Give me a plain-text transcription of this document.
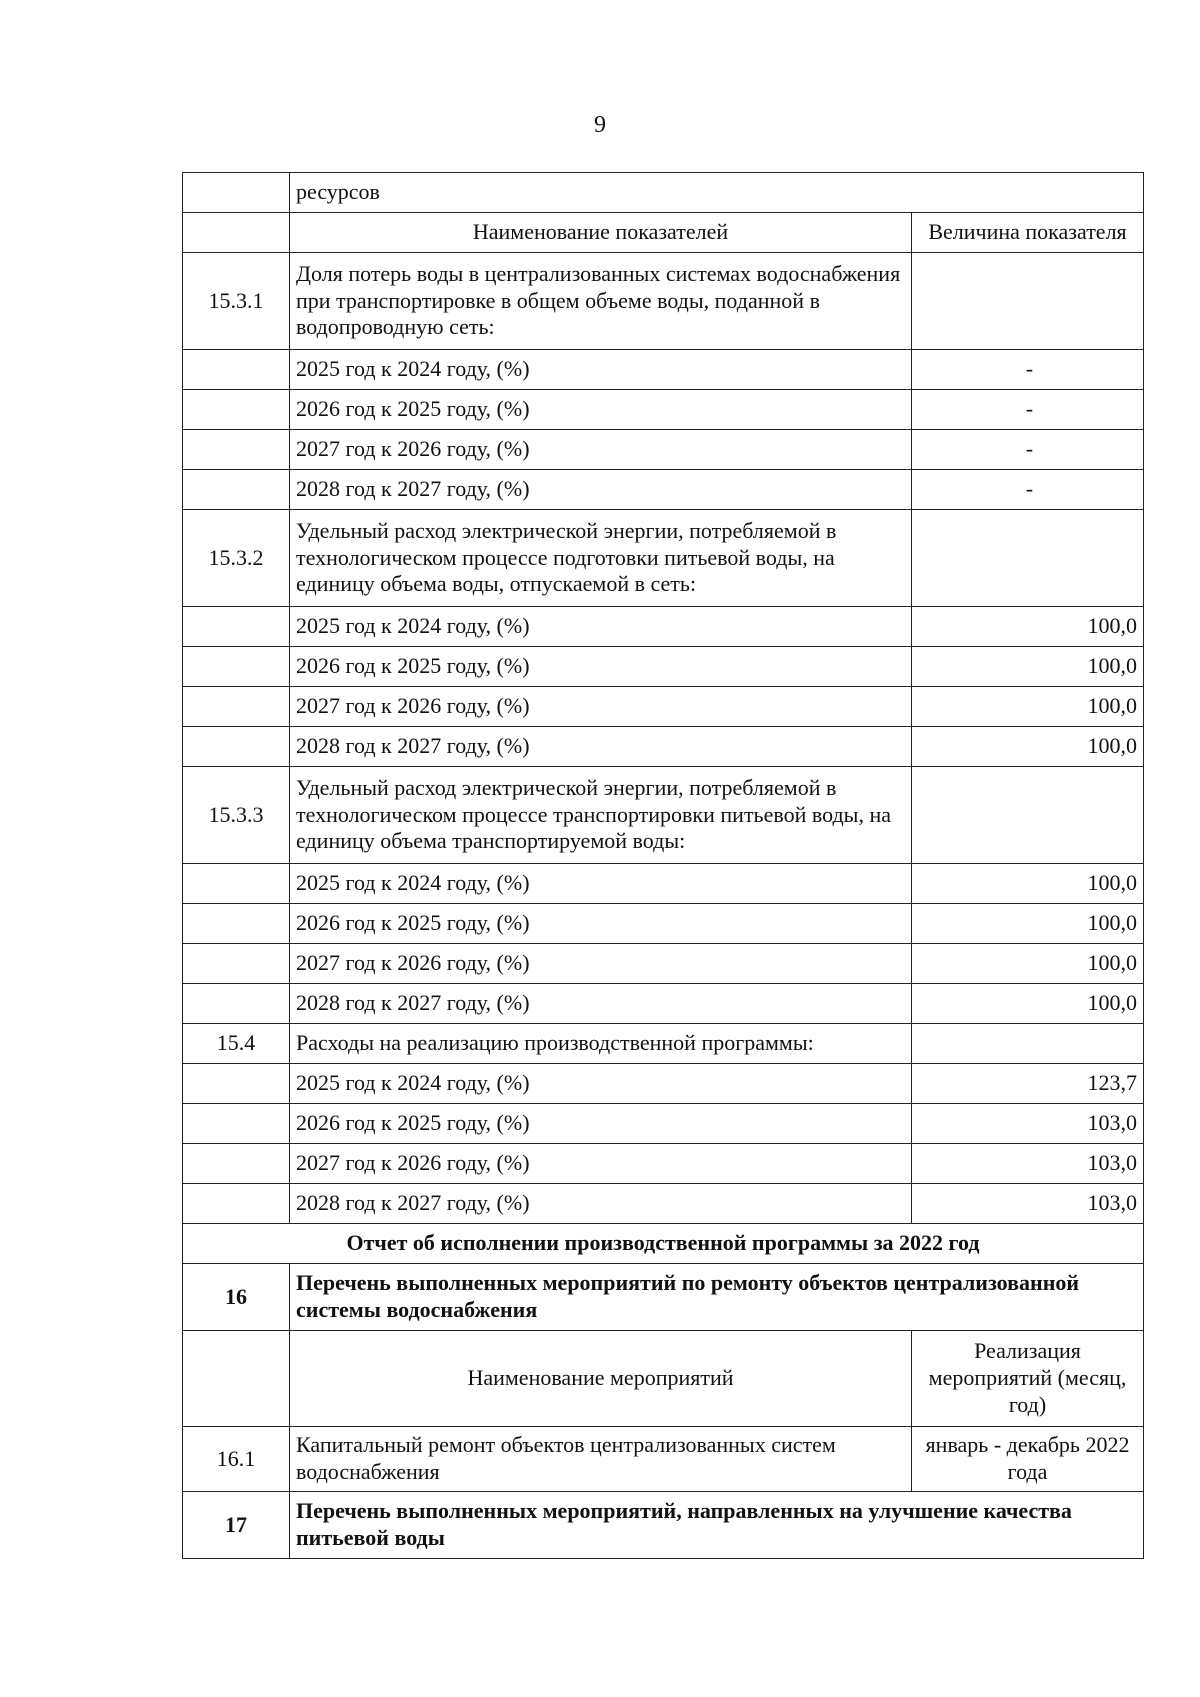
9
	ресурсов	
	Наименование показателей	Величина показателя
15.3.1	Доля потерь воды в централизованных системах водоснабжения при транспортировке в общем объеме воды, поданной в водопроводную сеть:	
	2025 год к 2024 году, (%)	-
	2026 год к 2025 году, (%)	-
	2027 год к 2026 году, (%)	-
	2028 год к 2027 году, (%)	-
15.3.2	Удельный расход электрической энергии, потребляемой в технологическом процессе подготовки питьевой воды, на единицу объема воды, отпускаемой в сеть:	
	2025 год к 2024 году, (%)	100,0
	2026 год к 2025 году, (%)	100,0
	2027 год к 2026 году, (%)	100,0
	2028 год к 2027 году, (%)	100,0
15.3.3	Удельный расход электрической энергии, потребляемой в технологическом процессе транспортировки питьевой воды, на единицу объема транспортируемой воды:	
	2025 год к 2024 году, (%)	100,0
	2026 год к 2025 году, (%)	100,0
	2027 год к 2026 году, (%)	100,0
	2028 год к 2027 году, (%)	100,0
15.4	Расходы на реализацию производственной программы:	
	2025 год к 2024 году, (%)	123,7
	2026 год к 2025 году, (%)	103,0
	2027 год к 2026 году, (%)	103,0
	2028 год к 2027 году, (%)	103,0
Отчет об исполнении производственной программы за 2022 год		
16	Перечень выполненных мероприятий по ремонту объектов централизованной системы водоснабжения	
	Наименование мероприятий	Реализация мероприятий (месяц, год)
16.1	Капитальный ремонт объектов централизованных систем водоснабжения	январь - декабрь 2022 года
17	Перечень выполненных мероприятий, направленных на улучшение качества питьевой воды	
